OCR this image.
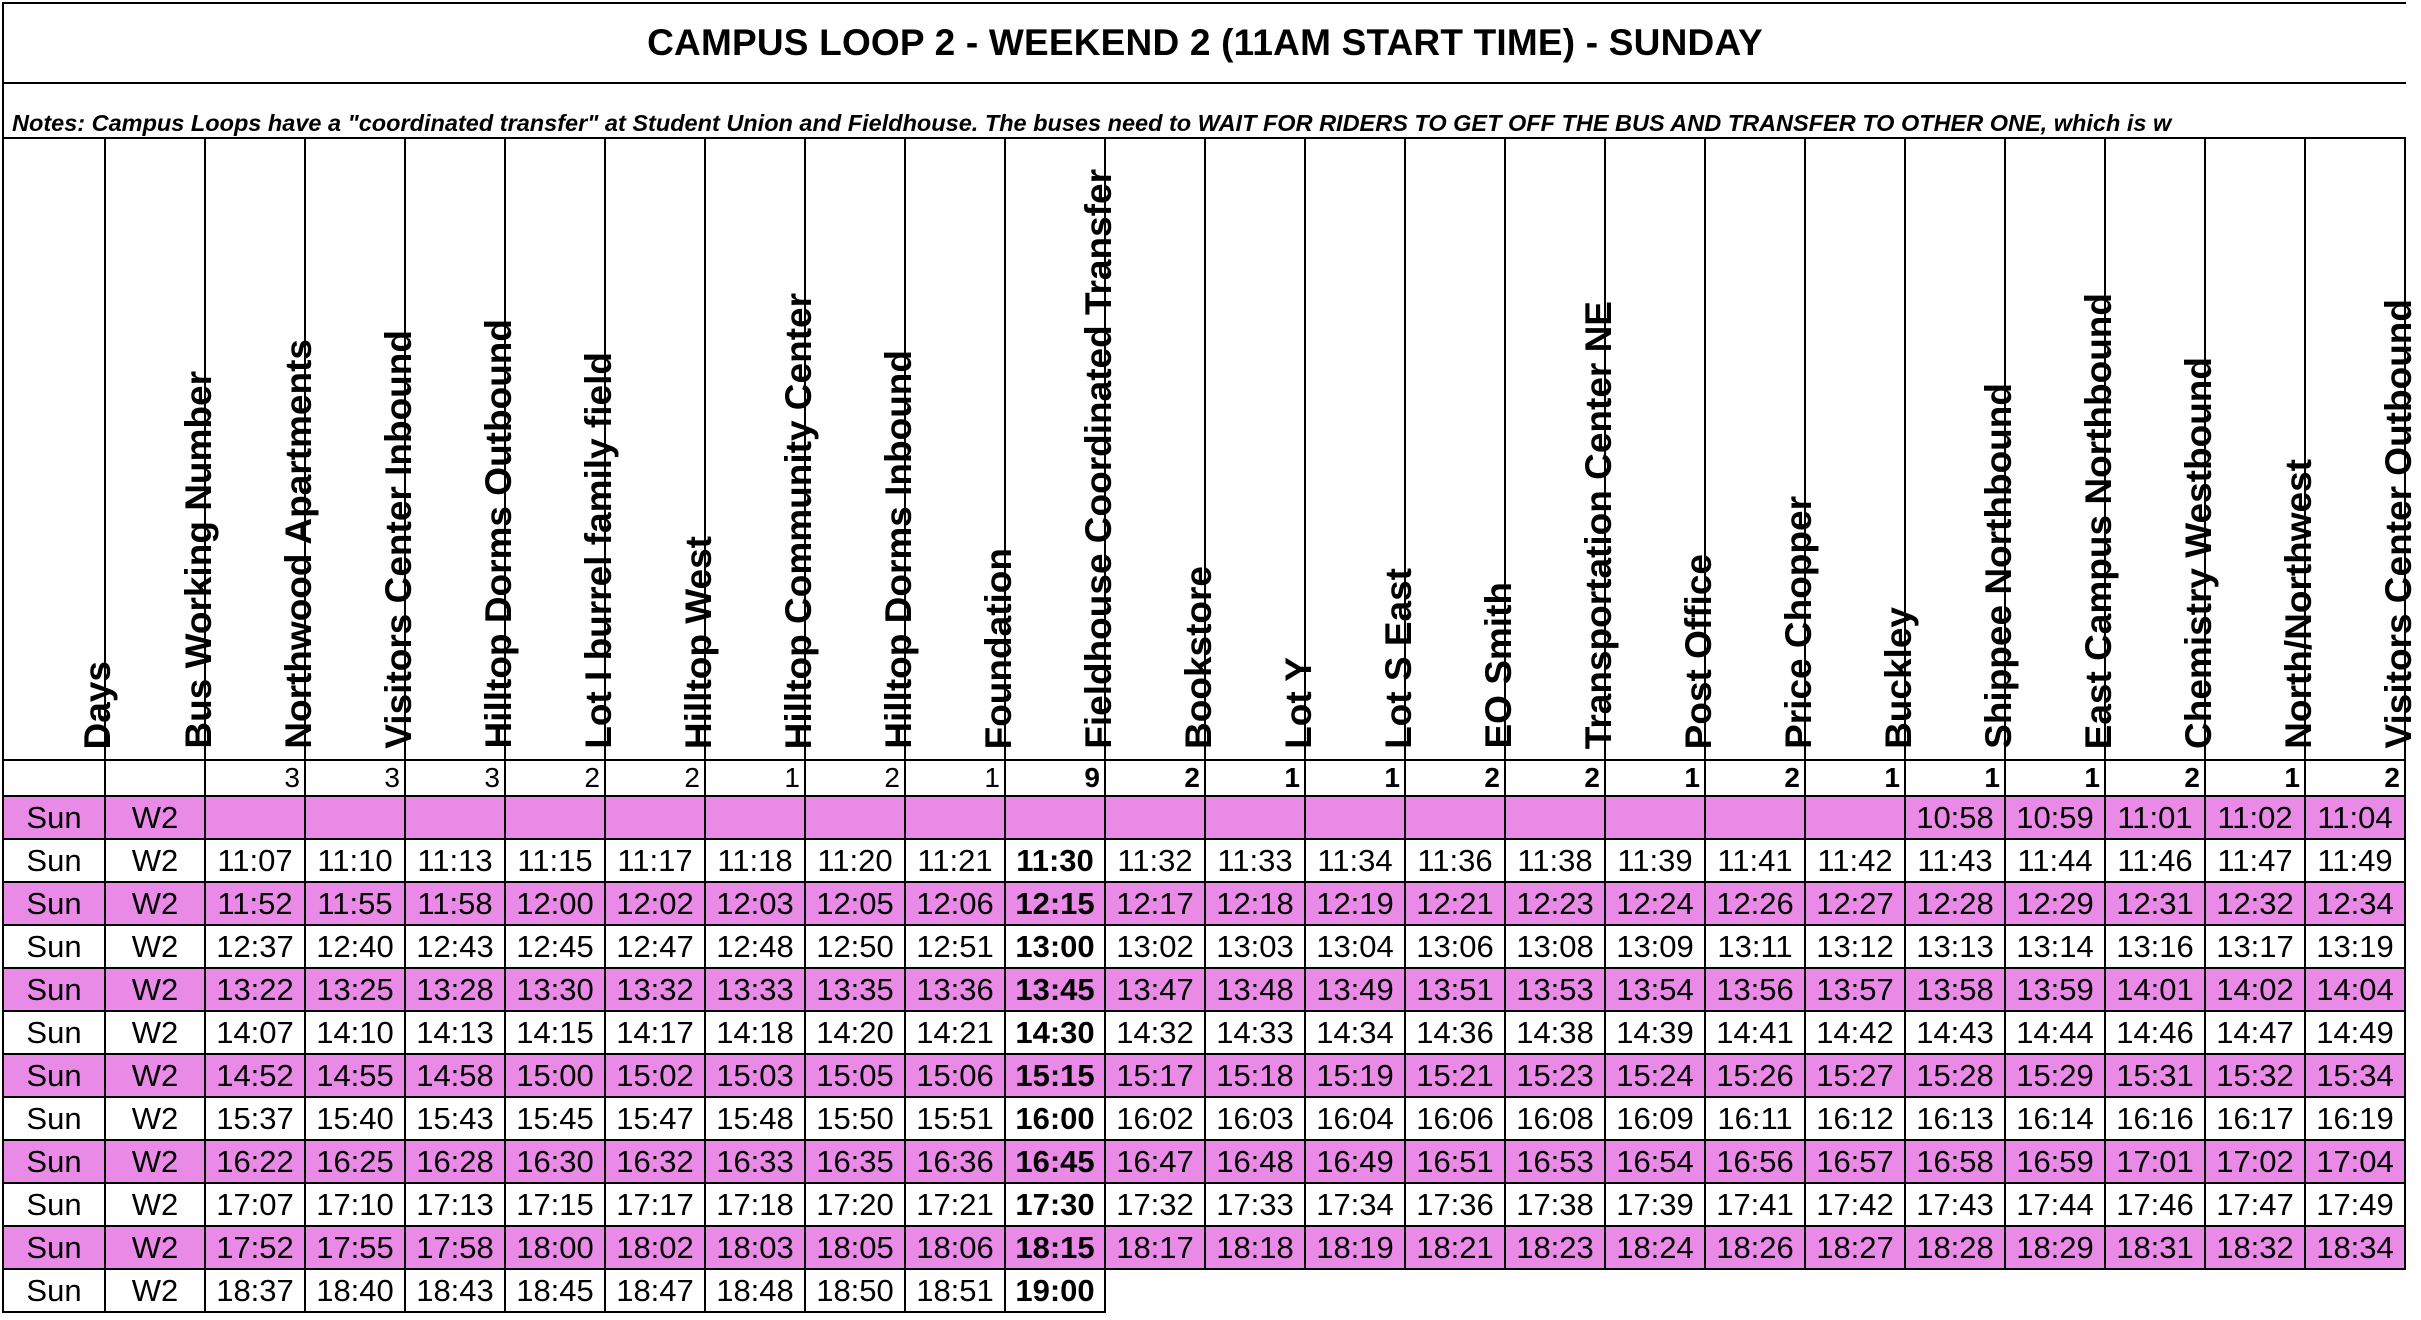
CAMPUS LOOP 2 - WEEKEND 2 (11AM START TIME) - SUNDAY
Notes: Campus Loops have a "coordinated transfer" at Student Union and Fieldhouse. The buses need to WAIT FOR RIDERS TO GET OFF THE BUS AND TRANSFER TO OTHER ONE, which is w
Days	Bus Working Number	Northwood Apartments	Visitors Center Inbound	Hilltop Dorms Outbound	Lot I burrel family field	Hilltop West	Hilltop Community Center	Hilltop Dorms Inbound	Foundation	Fieldhouse Coordinated Transfer	Bookstore	Lot Y	Lot S East	EO Smith	Transportation Center NE	Post Office	Price Chopper	Buckley	Shippee Northbound	East Campus Northbound	Chemistry Westbound	North/Northwest	Visitors Center Outbound

		3	3	3	2	2	1	2	1	9	2	1	1	2	2	1	2	1	1	1	2	1	2
Sun	W2																		10:58	10:59	11:01	11:02	11:04
Sun	W2	11:07	11:10	11:13	11:15	11:17	11:18	11:20	11:21	11:30	11:32	11:33	11:34	11:36	11:38	11:39	11:41	11:42	11:43	11:44	11:46	11:47	11:49
Sun	W2	11:52	11:55	11:58	12:00	12:02	12:03	12:05	12:06	12:15	12:17	12:18	12:19	12:21	12:23	12:24	12:26	12:27	12:28	12:29	12:31	12:32	12:34
Sun	W2	12:37	12:40	12:43	12:45	12:47	12:48	12:50	12:51	13:00	13:02	13:03	13:04	13:06	13:08	13:09	13:11	13:12	13:13	13:14	13:16	13:17	13:19
Sun	W2	13:22	13:25	13:28	13:30	13:32	13:33	13:35	13:36	13:45	13:47	13:48	13:49	13:51	13:53	13:54	13:56	13:57	13:58	13:59	14:01	14:02	14:04
Sun	W2	14:07	14:10	14:13	14:15	14:17	14:18	14:20	14:21	14:30	14:32	14:33	14:34	14:36	14:38	14:39	14:41	14:42	14:43	14:44	14:46	14:47	14:49
Sun	W2	14:52	14:55	14:58	15:00	15:02	15:03	15:05	15:06	15:15	15:17	15:18	15:19	15:21	15:23	15:24	15:26	15:27	15:28	15:29	15:31	15:32	15:34
Sun	W2	15:37	15:40	15:43	15:45	15:47	15:48	15:50	15:51	16:00	16:02	16:03	16:04	16:06	16:08	16:09	16:11	16:12	16:13	16:14	16:16	16:17	16:19
Sun	W2	16:22	16:25	16:28	16:30	16:32	16:33	16:35	16:36	16:45	16:47	16:48	16:49	16:51	16:53	16:54	16:56	16:57	16:58	16:59	17:01	17:02	17:04
Sun	W2	17:07	17:10	17:13	17:15	17:17	17:18	17:20	17:21	17:30	17:32	17:33	17:34	17:36	17:38	17:39	17:41	17:42	17:43	17:44	17:46	17:47	17:49
Sun	W2	17:52	17:55	17:58	18:00	18:02	18:03	18:05	18:06	18:15	18:17	18:18	18:19	18:21	18:23	18:24	18:26	18:27	18:28	18:29	18:31	18:32	18:34
Sun	W2	18:37	18:40	18:43	18:45	18:47	18:48	18:50	18:51	19:00													
